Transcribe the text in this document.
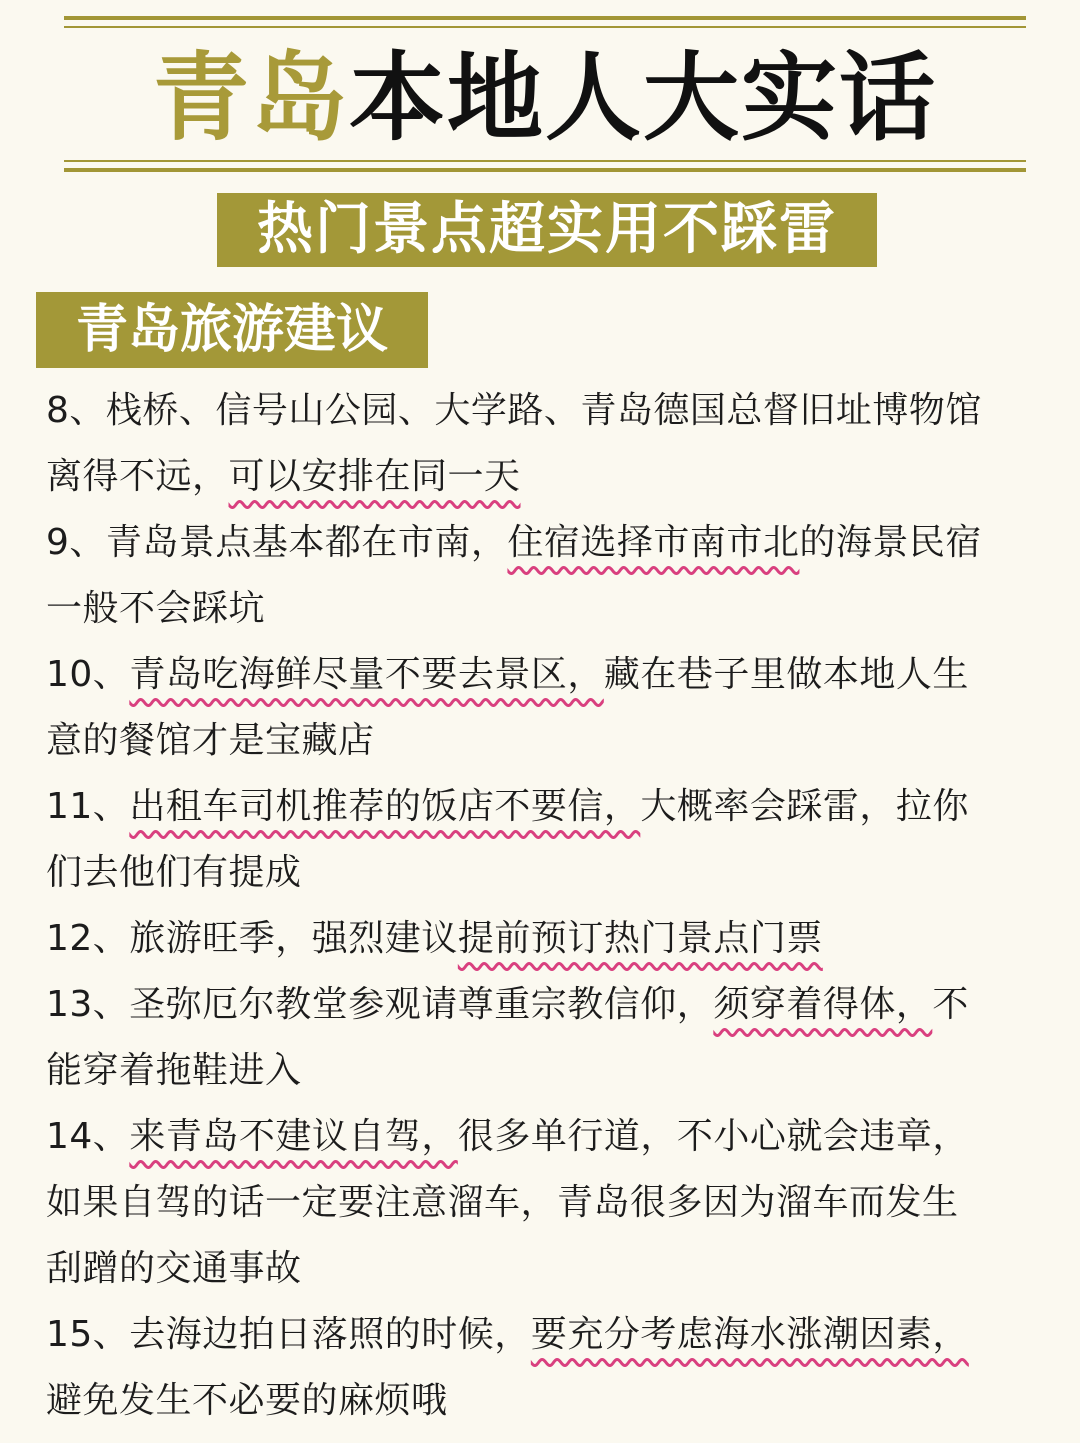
青岛本地人大实话
热门景点超实用不踩雷
青岛旅游建议
8、栈桥、信号山公园、大学路、青岛德国总督旧址博物馆
离得不远，可以安排在同一天
9、青岛景点基本都在市南，住宿选择市南市北的海景民宿
一般不会踩坑
10、青岛吃海鲜尽量不要去景区，藏在巷子里做本地人生
意的餐馆才是宝藏店
11、出租车司机推荐的饭店不要信，大概率会踩雷，拉你
们去他们有提成
12、旅游旺季，强烈建议提前预订热门景点门票
13、圣弥厄尔教堂参观请尊重宗教信仰，须穿着得体，不
能穿着拖鞋进入
14、来青岛不建议自驾，很多单行道，不小心就会违章，
如果自驾的话一定要注意溜车，青岛很多因为溜车而发生
刮蹭的交通事故
15、去海边拍日落照的时候，要充分考虑海水涨潮因素，
避免发生不必要的麻烦哦
